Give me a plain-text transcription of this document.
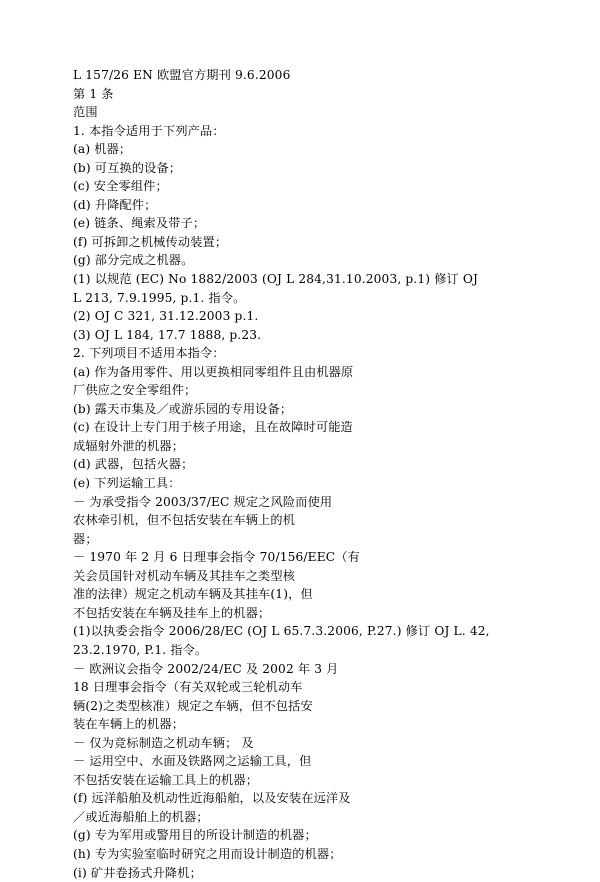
L 157/26 EN 欧盟官方期刊 9.6.2006
第 1 条
范围
1. 本指令适用于下列产品：
(a) 机器；
(b) 可互换的设备；
(c) 安全零组件；
(d) 升降配件；
(e) 链条、绳索及带子；
(f) 可拆卸之机械传动装置；
(g) 部分完成之机器。
(1) 以规范 (EC) No 1882/2003 (OJ L 284,31.10.2003, p.1) 修订 OJ
L 213, 7.9.1995, p.1. 指令。
(2) OJ C 321, 31.12.2003 p.1.
(3) OJ L 184, 17.7 1888, p.23.
2. 下列项目不适用本指令：
(a) 作为备用零件、用以更换相同零组件且由机器原
厂供应之安全零组件；
(b) 露天市集及／或游乐园的专用设备；
(c) 在设计上专门用于核子用途，且在故障时可能造
成辐射外泄的机器；
(d) 武器，包括火器；
(e) 下列运输工具：
－ 为承受指令 2003/37/EC 规定之风险而使用
农林牵引机，但不包括安装在车辆上的机
器；
－ 1970 年 2 月 6 日理事会指令 70/156/EEC（有
关会员国针对机动车辆及其挂车之类型核
准的法律）规定之机动车辆及其挂车(1)，但
不包括安装在车辆及挂车上的机器；
(1)以执委会指令 2006/28/EC (OJ L 65.7.3.2006, P.27.) 修订 OJ L. 42,
23.2.1970, P.1. 指令。
－ 欧洲议会指令 2002/24/EC 及 2002 年 3 月
18 日理事会指令（有关双轮或三轮机动车
辆(2)之类型核准）规定之车辆，但不包括安
装在车辆上的机器；
－ 仅为竞标制造之机动车辆； 及
－ 运用空中、水面及铁路网之运输工具，但
不包括安装在运输工具上的机器；
(f) 远洋船舶及机动性近海船舶，以及安装在远洋及
／或近海船舶上的机器；
(g) 专为军用或警用目的所设计制造的机器；
(h) 专为实验室临时研究之用而设计制造的机器；
(i) 矿井卷扬式升降机；
